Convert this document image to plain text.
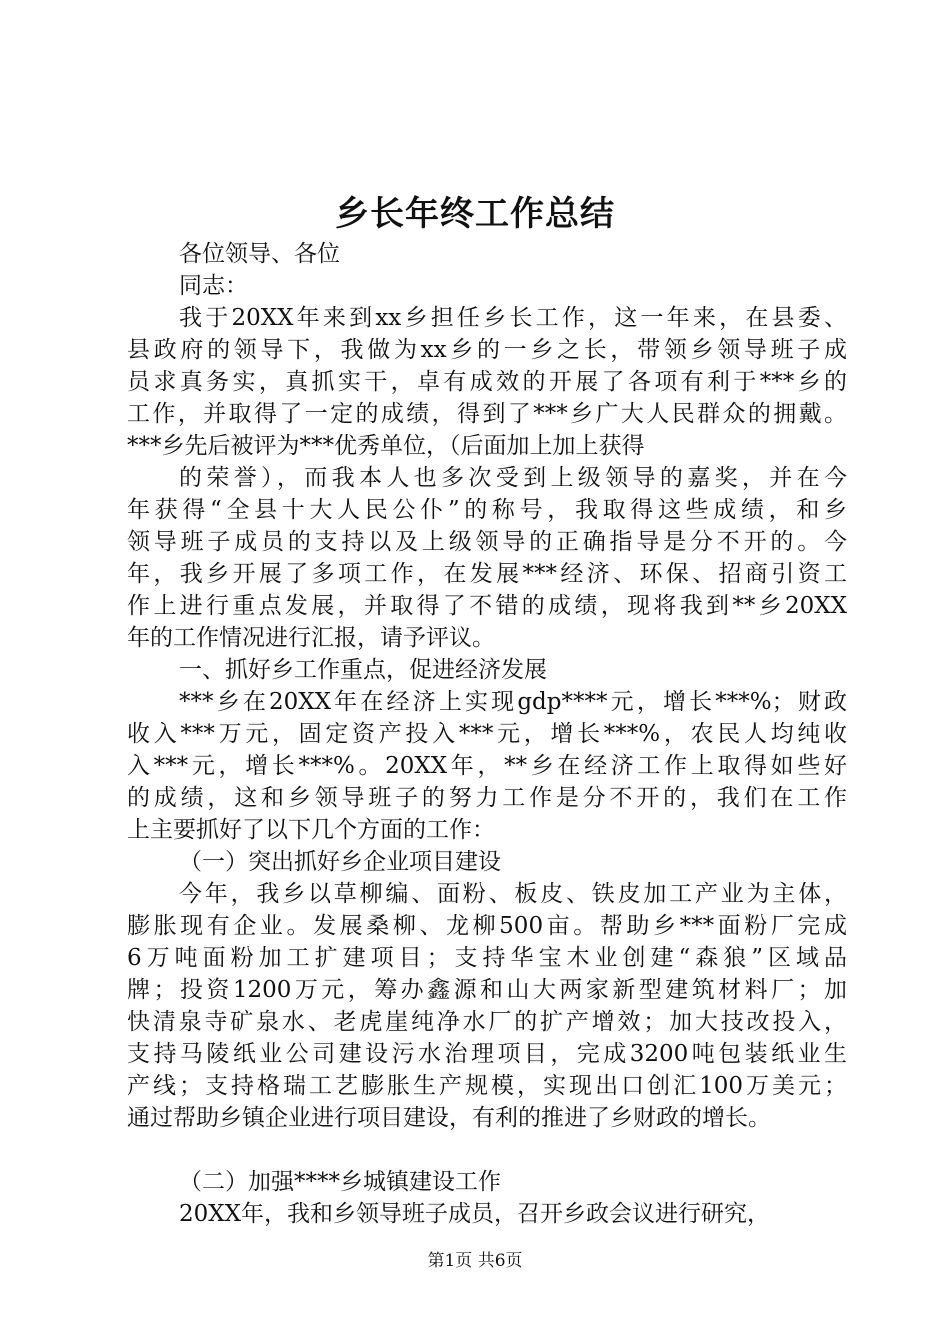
乡长年终工作总结
各位领导、各位
同志：
我于20XX年来到xx乡担任乡长工作，这一年来，在县委、
县政府的领导下，我做为xx乡的一乡之长，带领乡领导班子成
员求真务实，真抓实干，卓有成效的开展了各项有利于***乡的
工作，并取得了一定的成绩，得到了***乡广大人民群众的拥戴。
***乡先后被评为***优秀单位，（后面加上加上获得
的荣誉），而我本人也多次受到上级领导的嘉奖，并在今
年获得“全县十大人民公仆”的称号，我取得这些成绩，和乡
领导班子成员的支持以及上级领导的正确指导是分不开的。今
年，我乡开展了多项工作，在发展***经济、环保、招商引资工
作上进行重点发展，并取得了不错的成绩，现将我到**乡20XX
年的工作情况进行汇报，请予评议。
一、抓好乡工作重点，促进经济发展
***乡在20XX年在经济上实现gdp****元，增长***%；财政
收入***万元，固定资产投入***元，增长***%，农民人均纯收
入***元，增长***%。20XX年，**乡在经济工作上取得如些好
的成绩，这和乡领导班子的努力工作是分不开的，我们在工作
上主要抓好了以下几个方面的工作：
（一）突出抓好乡企业项目建设
今年，我乡以草柳编、面粉、板皮、铁皮加工产业为主体，
膨胀现有企业。发展桑柳、龙柳500亩。帮助乡***面粉厂完成
6万吨面粉加工扩建项目；支持华宝木业创建“森狼”区域品
牌；投资1200万元，筹办鑫源和山大两家新型建筑材料厂；加
快清泉寺矿泉水、老虎崖纯净水厂的扩产增效；加大技改投入，
支持马陵纸业公司建设污水治理项目，完成3200吨包装纸业生
产线；支持格瑞工艺膨胀生产规模，实现出口创汇100万美元；
通过帮助乡镇企业进行项目建设，有利的推进了乡财政的增长。
（二）加强****乡城镇建设工作
20XX年，我和乡领导班子成员，召开乡政会议进行研究，
第1页 共6页
